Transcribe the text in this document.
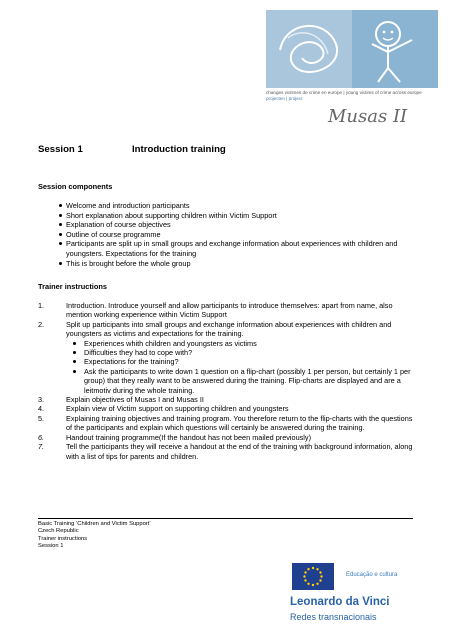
changes victimes de crime en europe | young victims of crime across europe
projecten | project
Musas II
Session 1	Introduction training
Session components
Welcome and introduction participants
Short explanation about supporting children within Victim Support
Explanation of course objectives
Outline of course programme
Participants are split up in small groups and exchange information about experiences with children and youngsters. Expectations for the training
This is brought before the whole group
Trainer instructions
1.	Introduction. Introduce yourself and allow participants to introduce themselves: apart from name, also mention working experience within Victim Support
2.	Split up participants into small groups and exchange information about experiences with children and youngsters as victims and expectations for the training.
Experiences whith children and youngsters as victims
Difficulties they had to cope with?
Expectations for the training?
Ask the participants to write down 1 question on a flip-chart (possibly 1 per person, but certainly 1 per group) that they really want to be answered during the training. Flip-charts are displayed and are a leitmotiv during the whole training.
3.	Explain objectives of Musas I and Musas II
4.	Explain view of Victim support on supporting children and youngsters
5.	Explaining training objectives and training program. You therefore return to the flip-charts with the questions of the participants and explain which questions will certainly be answered during the training.
6.	Handout training programme(If the handout has not been mailed previously)
7.	Tell the participants they will receive a handout at the end of the training with background information, along with a list of tips for parents and children.
Basic Training ‘Children and Victim Support’
Czech Republic
Trainer instructions
Session 1
Educação e cultura
Leonardo da Vinci
Redes transnacionais
